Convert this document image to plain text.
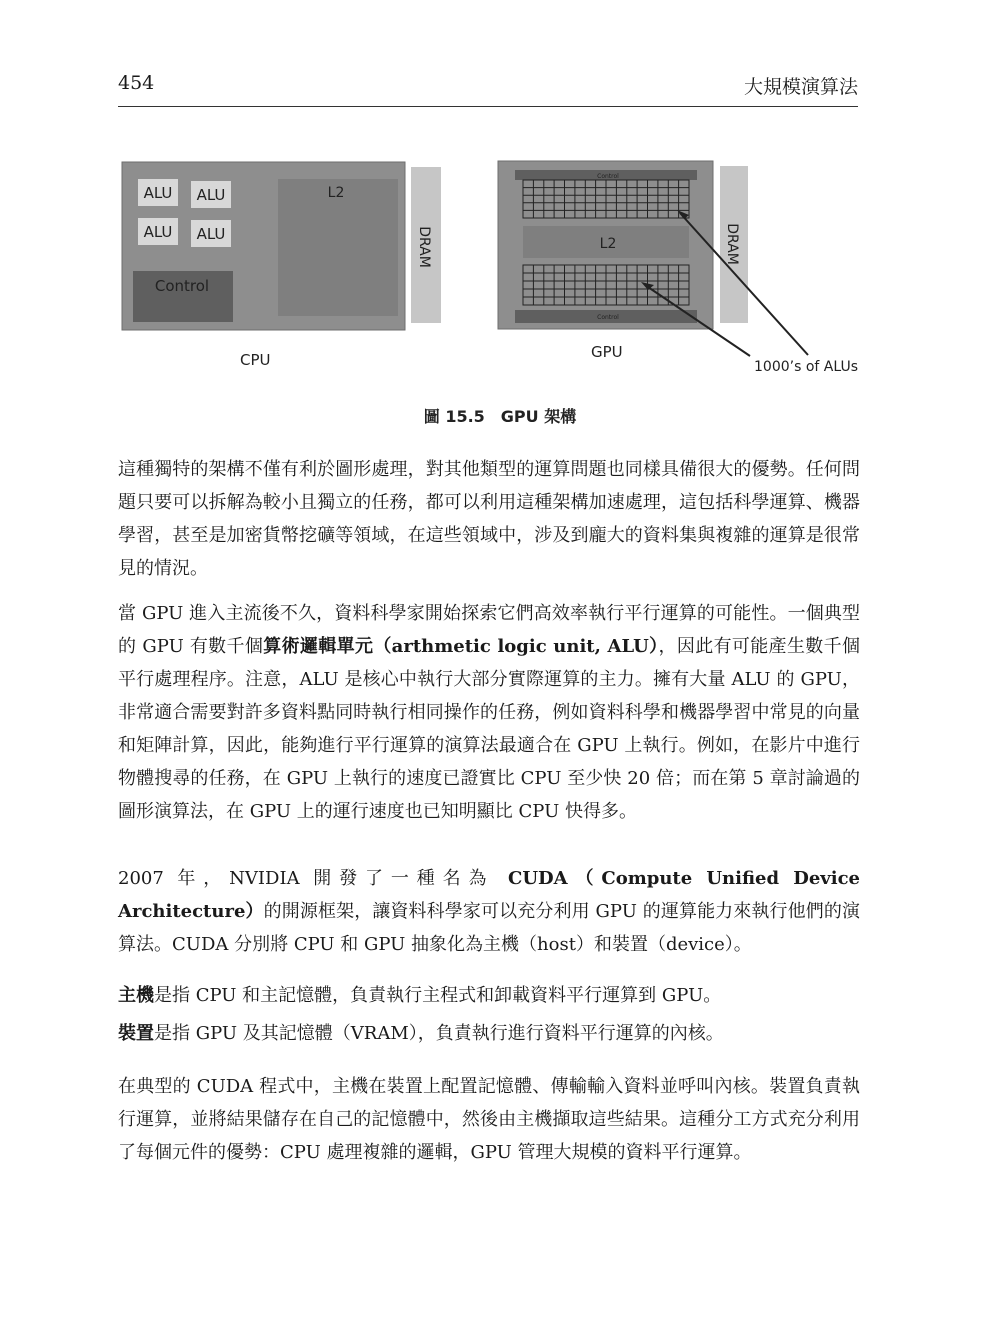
454	大規模演算法
ALU ALU
ALU ALU
Control
L2
DRAM
Control
L2
Control
DRAM
CPU	GPU
1000’s of ALUs
圖 15.5　GPU 架構

這種獨特的架構不僅有利於圖形處理，對其他類型的運算問題也同樣具備很大的優勢。任何問題只要可以拆解為較小且獨立的任務，都可以利用這種架構加速處理，這包括科學運算、機器學習，甚至是加密貨幣挖礦等領域，在這些領域中，涉及到龐大的資料集與複雜的運算是很常見的情況。

當 GPU 進入主流後不久，資料科學家開始探索它們高效率執行平行運算的可能性。一個典型的 GPU 有數千個算術邏輯單元（arthmetic logic unit, ALU），因此有可能產生數千個平行處理程序。注意，ALU 是核心中執行大部分實際運算的主力。擁有大量 ALU 的 GPU，非常適合需要對許多資料點同時執行相同操作的任務，例如資料科學和機器學習中常見的向量和矩陣計算，因此，能夠進行平行運算的演算法最適合在 GPU 上執行。例如，在影片中進行物體搜尋的任務，在 GPU 上執行的速度已證實比 CPU 至少快 20 倍；而在第 5 章討論過的圖形演算法，在 GPU 上的運行速度也已知明顯比 CPU 快得多。

2007 年，NVIDIA 開發了一種名為 CUDA（Compute Unified Device Architecture）的開源框架，讓資料科學家可以充分利用 GPU 的運算能力來執行他們的演算法。CUDA 分別將 CPU 和 GPU 抽象化為主機（host）和裝置（device）。

主機是指 CPU 和主記憶體，負責執行主程式和卸載資料平行運算到 GPU。

裝置是指 GPU 及其記憶體（VRAM），負責執行進行資料平行運算的內核。

在典型的 CUDA 程式中，主機在裝置上配置記憶體、傳輸輸入資料並呼叫內核。裝置負責執行運算，並將結果儲存在自己的記憶體中，然後由主機擷取這些結果。這種分工方式充分利用了每個元件的優勢：CPU 處理複雜的邏輯，GPU 管理大規模的資料平行運算。
